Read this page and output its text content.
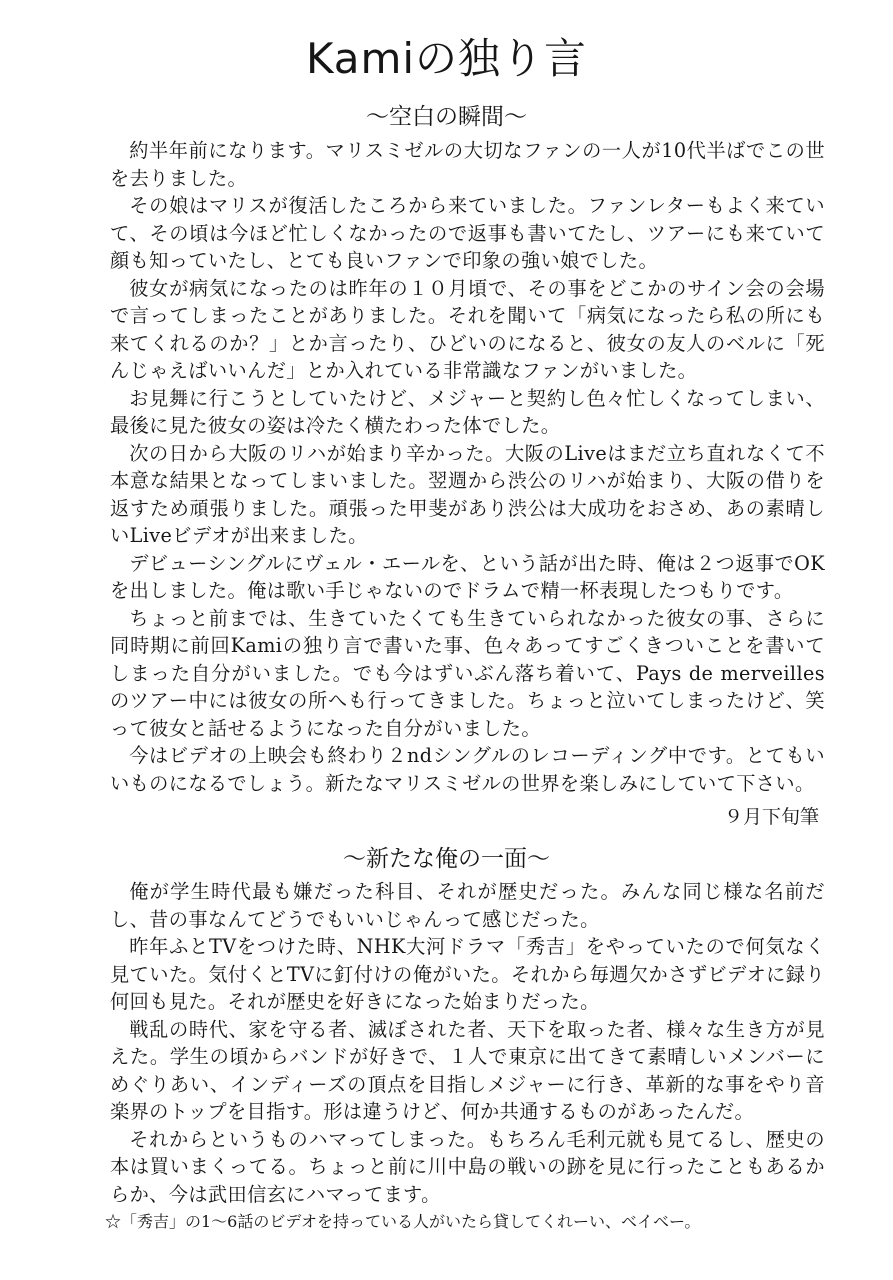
Kamiの独り言
〜空白の瞬間〜

約半年前になります。マリスミゼルの大切なファンの一人が10代半ばでこの世を去りました。

その娘はマリスが復活したころから来ていました。ファンレターもよく来ていて、その頃は今ほど忙しくなかったので返事も書いてたし、ツアーにも来ていて顔も知っていたし、とても良いファンで印象の強い娘でした。

彼女が病気になったのは昨年の１０月頃で、その事をどこかのサイン会の会場で言ってしまったことがありました。それを聞いて「病気になったら私の所にも来てくれるのか？」とか言ったり、ひどいのになると、彼女の友人のベルに「死んじゃえばいいんだ」とか入れている非常識なファンがいました。

お見舞に行こうとしていたけど、メジャーと契約し色々忙しくなってしまい、最後に見た彼女の姿は冷たく横たわった体でした。

次の日から大阪のリハが始まり辛かった。大阪のLiveはまだ立ち直れなくて不本意な結果となってしまいました。翌週から渋公のリハが始まり、大阪の借りを返すため頑張りました。頑張った甲斐があり渋公は大成功をおさめ、あの素晴しいLiveビデオが出来ました。

デビューシングルにヴェル・エールを、という話が出た時、俺は２つ返事でOKを出しました。俺は歌い手じゃないのでドラムで精一杯表現したつもりです。

ちょっと前までは、生きていたくても生きていられなかった彼女の事、さらに同時期に前回Kamiの独り言で書いた事、色々あってすごくきついことを書いてしまった自分がいました。でも今はずいぶん落ち着いて、Pays de merveillesのツアー中には彼女の所へも行ってきました。ちょっと泣いてしまったけど、笑って彼女と話せるようになった自分がいました。

今はビデオの上映会も終わり２ndシングルのレコーディング中です。とてもいいものになるでしょう。新たなマリスミゼルの世界を楽しみにしていて下さい。

９月下旬筆
〜新たな俺の一面〜

俺が学生時代最も嫌だった科目、それが歴史だった。みんな同じ様な名前だし、昔の事なんてどうでもいいじゃんって感じだった。

昨年ふとTVをつけた時、NHK大河ドラマ「秀吉」をやっていたので何気なく見ていた。気付くとTVに釘付けの俺がいた。それから毎週欠かさずビデオに録り何回も見た。それが歴史を好きになった始まりだった。

戦乱の時代、家を守る者、滅ぼされた者、天下を取った者、様々な生き方が見えた。学生の頃からバンドが好きで、１人で東京に出てきて素晴しいメンバーにめぐりあい、インディーズの頂点を目指しメジャーに行き、革新的な事をやり音楽界のトップを目指す。形は違うけど、何か共通するものがあったんだ。

それからというものハマってしまった。もちろん毛利元就も見てるし、歴史の本は買いまくってる。ちょっと前に川中島の戦いの跡を見に行ったこともあるからか、今は武田信玄にハマってます。

☆「秀吉」の1〜6話のビデオを持っている人がいたら貸してくれーい、ベイベー。
